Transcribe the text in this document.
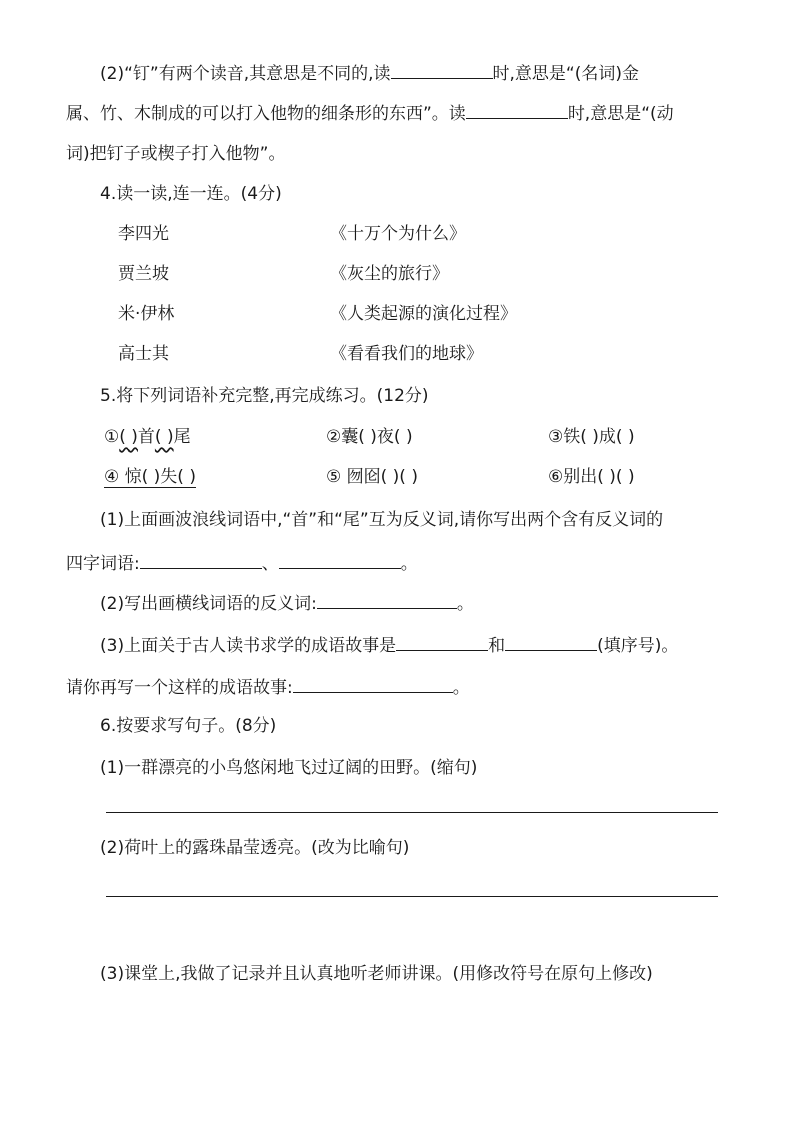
(2)“钉”有两个读音,其意思是不同的,读	时,意思是“(名词)金
属、竹、木制成的可以打入他物的细条形的东西”。读	时,意思是“(动
词)把钉子或楔子打入他物”。
4.读一读,连一连。(4分)
李四光	《十万个为什么》
贾兰坡	《灰尘的旅行》
米·伊林	《人类起源的演化过程》
高士其	《看看我们的地球》
5.将下列词语补充完整,再完成练习。(12分)
①( )首( )尾	②囊( )夜( )	③铁( )成( )
④ 惊( )失( )	⑤ 囫囵( )( )	⑥别出( )( )
(1)上面画波浪线词语中,“首”和“尾”互为反义词,请你写出两个含有反义词的
四字词语:	、	。
(2)写出画横线词语的反义词:	。
(3)上面关于古人读书求学的成语故事是	和	(填序号)。
请你再写一个这样的成语故事:	。
6.按要求写句子。(8分)
(1)一群漂亮的小鸟悠闲地飞过辽阔的田野。(缩句)
(2)荷叶上的露珠晶莹透亮。(改为比喻句)
(3)课堂上,我做了记录并且认真地听老师讲课。(用修改符号在原句上修改)
